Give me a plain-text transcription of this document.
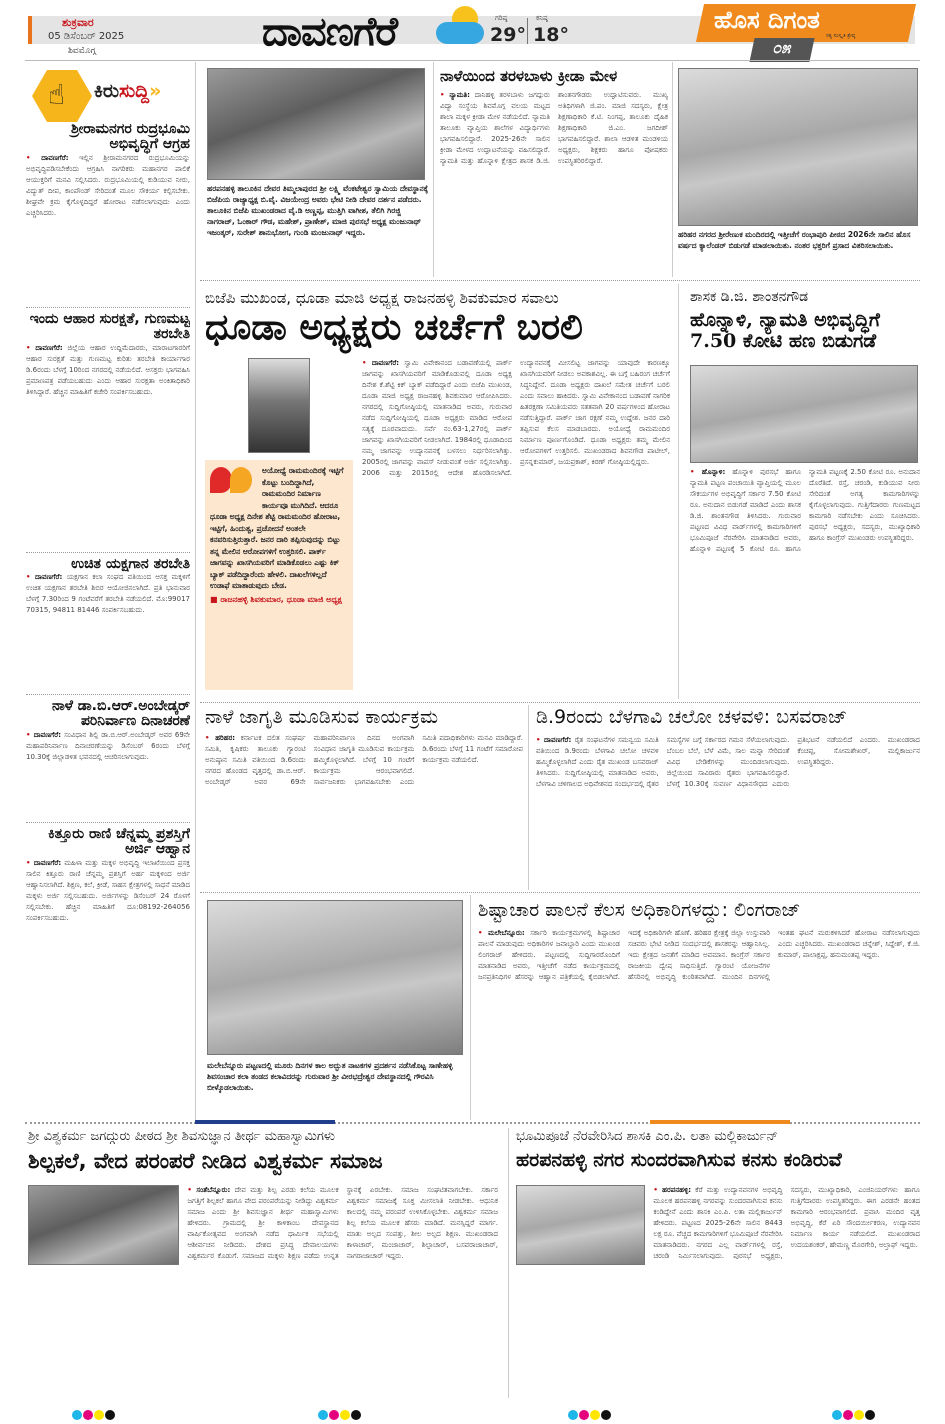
ಶುಕ್ರವಾರ
05 ಡಿಸೆಂಬರ್ 2025
ಶಿವಮೊಗ್ಗ	ದಾವಣಗೆರೆ	ಗರಿಷ್ಠ
29°
ಕನಿಷ್ಠ
18°
ಹೊಸ ದಿಗಂತ
ಸತ್ಯ ಸಂಸ್ಕೃತಿ ಶ್ರೇಷ್ಠ
೦೫
☝ ಕಿರುಸುದ್ದಿ»
ಶ್ರೀರಾಮನಗರ ರುದ್ರಭೂಮಿ ಅಭಿವೃದ್ಧಿಗೆ ಆಗ್ರಹ
• ದಾವಣಗೆರೆ: ಇಲ್ಲಿನ ಶ್ರೀರಾಮನಗರದ ರುದ್ರಭೂಮಿಯನ್ನು ಅಭಿವೃದ್ಧಿಪಡಿಸಬೇಕೆಂದು ಆಗ್ರಹಿಸಿ ನಾಗರಿಕರು ಮಹಾನಗರ ಪಾಲಿಕೆ ಆಯುಕ್ತರಿಗೆ ಮನವಿ ಸಲ್ಲಿಸಿದರು. ರುದ್ರಭೂಮಿಯಲ್ಲಿ ಕುಡಿಯುವ ನೀರು, ವಿದ್ಯುತ್ ದೀಪ, ಕಾಂಪೌಂಡ್ ಸೇರಿದಂತೆ ಮೂಲ ಸೌಕರ್ಯ ಕಲ್ಪಿಸಬೇಕು. ಶೀಘ್ರವೇ ಕ್ರಮ ಕೈಗೊಳ್ಳದಿದ್ದರೆ ಹೋರಾಟ ನಡೆಸಲಾಗುವುದು ಎಂದು ಎಚ್ಚರಿಸಿದರು.
ಇಂದು ಆಹಾರ ಸುರಕ್ಷತೆ, ಗುಣಮಟ್ಟ ತರಬೇತಿ
• ದಾವಣಗೆರೆ: ಜಿಲ್ಲೆಯ ಆಹಾರ ಉದ್ದಿಮೆದಾರರು, ಮಾರಾಟಗಾರರಿಗೆ ಆಹಾರ ಸುರಕ್ಷತೆ ಮತ್ತು ಗುಣಮಟ್ಟ ಕುರಿತು ತರಬೇತಿ ಕಾರ್ಯಾಗಾರ ಡಿ.6ರಂದು ಬೆಳಗ್ಗೆ 10ರಿಂದ ನಗರದಲ್ಲಿ ನಡೆಯಲಿದೆ. ಆಸಕ್ತರು ಭಾಗವಹಿಸಿ ಪ್ರಮಾಣಪತ್ರ ಪಡೆಯಬಹುದು ಎಂದು ಆಹಾರ ಸುರಕ್ಷತಾ ಅಂಕಿತಾಧಿಕಾರಿ ತಿಳಿಸಿದ್ದಾರೆ. ಹೆಚ್ಚಿನ ಮಾಹಿತಿಗೆ ಕಚೇರಿ ಸಂಪರ್ಕಿಸಬಹುದು.
ಉಚಿತ ಯಕ್ಷಗಾನ ತರಬೇತಿ
• ದಾವಣಗೆರೆ: ಯಕ್ಷಗಾನ ಕಲಾ ಸಂಘದ ವತಿಯಿಂದ ಆಸಕ್ತ ಮಕ್ಕಳಿಗೆ ಉಚಿತ ಯಕ್ಷಗಾನ ತರಬೇತಿ ಶಿಬಿರ ಆಯೋಜಿಸಲಾಗಿದೆ. ಪ್ರತಿ ಭಾನುವಾರ ಬೆಳಗ್ಗೆ 7.30ರಿಂದ 9 ಗಂಟೆವರೆಗೆ ತರಬೇತಿ ನಡೆಯಲಿದೆ. ಮೊ:99017 70315, 94811 81446 ಸಂಪರ್ಕಿಸಬಹುದು.
ನಾಳೆ ಡಾ.ಬಿ.ಆರ್.ಅಂಬೇಡ್ಕರ್ ಪರಿನಿರ್ವಾಣ ದಿನಾಚರಣೆ
• ದಾವಣಗೆರೆ: ಸಂವಿಧಾನ ಶಿಲ್ಪಿ ಡಾ.ಬಿ.ಆರ್.ಅಂಬೇಡ್ಕರ್ ಅವರ 69ನೇ ಮಹಾಪರಿನಿರ್ವಾಣ ದಿನಾಚರಣೆಯನ್ನು ಡಿಸೆಂಬರ್ 6ರಂದು ಬೆಳಗ್ಗೆ 10.30ಕ್ಕೆ ಜಿಲ್ಲಾಡಳಿತ ಭವನದಲ್ಲಿ ಆಚರಿಸಲಾಗುವುದು.
ಕಿತ್ತೂರು ರಾಣಿ ಚೆನ್ನಮ್ಮ ಪ್ರಶಸ್ತಿಗೆ ಅರ್ಜಿ ಆಹ್ವಾನ
• ದಾವಣಗೆರೆ: ಮಹಿಳಾ ಮತ್ತು ಮಕ್ಕಳ ಅಭಿವೃದ್ಧಿ ಇಲಾಖೆಯಿಂದ ಪ್ರಸಕ್ತ ಸಾಲಿನ ಕಿತ್ತೂರು ರಾಣಿ ಚೆನ್ನಮ್ಮ ಪ್ರಶಸ್ತಿಗೆ ಅರ್ಹ ಮಕ್ಕಳಿಂದ ಅರ್ಜಿ ಆಹ್ವಾನಿಸಲಾಗಿದೆ. ಶಿಕ್ಷಣ, ಕಲೆ, ಕ್ರೀಡೆ, ಸಾಹಸ ಕ್ಷೇತ್ರಗಳಲ್ಲಿ ಸಾಧನೆ ಮಾಡಿದ ಮಕ್ಕಳು ಅರ್ಜಿ ಸಲ್ಲಿಸಬಹುದು. ಅರ್ಜಿಗಳನ್ನು ಡಿಸೆಂಬರ್ 24 ರೊಳಗೆ ಸಲ್ಲಿಸಬೇಕು. ಹೆಚ್ಚಿನ ಮಾಹಿತಿಗೆ ದೂ:08192-264056 ಸಂಪರ್ಕಿಸಬಹುದು.
ಹರಪನಹಳ್ಳಿ ತಾಲೂಕಿನ ದೇವರ ತಿಮ್ಮಲಾಪುರದ ಶ್ರೀ ಲಕ್ಷ್ಮಿ ವೆಂಕಟೇಶ್ವರ ಸ್ವಾಮಿಯ ದೇವಸ್ಥಾನಕ್ಕೆ ಬಿಜೆಪಿಯ ರಾಜ್ಯಾಧ್ಯಕ್ಷ ಬಿ.ವೈ. ವಿಜಯೇಂದ್ರ ಅವರು ಭೇಟಿ ನೀಡಿ ದೇವರ ದರ್ಶನ ಪಡೆದರು. ತಾಲೂಕಿನ ಬಿಜೆಪಿ ಮುಖಂಡರಾದ ವೈ.ಡಿ ಅಣ್ಣಪ್ಪ, ಮುತ್ತಿಗಿ ವಾಗೀಶ, ತೆಲಿಗಿ ಗಿರಜ್ಜಿ ನಾಗರಾಜ್, ಓಂಕಾರ್ ಗೌಡ, ಮಹೇಶ್, ಪ್ರಾಣೇಶ್, ಮಾಜಿ ಪುರಸಭೆ ಅಧ್ಯಕ್ಷ ಮಂಜುನಾಥ್ ಇಜಂತ್ಕರ್, ಸುರೇಶ್ ಶಾನುಭೋಗ, ಗುಂಡಿ ಮಂಜುನಾಥ್ ಇದ್ದರು.
ನಾಳೆಯಿಂದ ತರಳಬಾಳು ಕ್ರೀಡಾ ಮೇಳ
• ನ್ಯಾಮತಿ: ದಾನಿಹಳ್ಳಿ ತರಳಬಾಳು ಜಗದ್ಗುರು ವಿದ್ಯಾ ಸಂಸ್ಥೆಯ ಶಿವಮೊಗ್ಗ ವಲಯ ಮಟ್ಟದ ಶಾಲಾ ಮಕ್ಕಳ ಕ್ರೀಡಾ ಮೇಳ ನಡೆಯಲಿದೆ. ನ್ಯಾಮತಿ ತಾಲೂಕು ವ್ಯಾಪ್ತಿಯ ಶಾಲೆಗಳ ವಿದ್ಯಾರ್ಥಿಗಳು ಭಾಗವಹಿಸಲಿದ್ದಾರೆ. 2025-26ನೇ ಸಾಲಿನ ಕ್ರೀಡಾ ಮೇಳದ ಉದ್ಘಾಟನೆಯನ್ನು ವಹಿಸಲಿದ್ದಾರೆ. ನ್ಯಾಮತಿ ಮತ್ತು ಹೊನ್ನಾಳಿ ಕ್ಷೇತ್ರದ ಶಾಸಕ ಡಿ.ಜಿ. ಶಾಂತನಗೌಡರು ಉದ್ಘಾಟಿಸುವರು. ಮುಖ್ಯ ಅತಿಥಿಗಳಾಗಿ ಜಿ.ಪಂ. ಮಾಜಿ ಸದಸ್ಯರು, ಕ್ಷೇತ್ರ ಶಿಕ್ಷಣಾಧಿಕಾರಿ ಕೆ.ಟಿ. ನಿಂಗಪ್ಪ, ತಾಲೂಕು ದೈಹಿಕ ಶಿಕ್ಷಣಾಧಿಕಾರಿ ಜಿ.ಎಂ. ಜಗದೀಶ್ ಭಾಗವಹಿಸಲಿದ್ದಾರೆ. ಶಾಲಾ ಆಡಳಿತ ಮಂಡಳಿಯ ಅಧ್ಯಕ್ಷರು, ಶಿಕ್ಷಕರು ಹಾಗೂ ಪೋಷಕರು ಉಪಸ್ಥಿತರಿರಲಿದ್ದಾರೆ.
ಹರಿಹರ ನಗರದ ಶ್ರೀರೇಣುಕ ಮಂದಿರದಲ್ಲಿ ಇತ್ತೀಚೆಗೆ ರಂಭಾಪುರಿ ಪೀಠದ 2026ನೇ ಸಾಲಿನ ಹೊಸ ವರ್ಷದ ಕ್ಯಾಲೆಂಡರ್ ಬಿಡುಗಡೆ ಮಾಡಲಾಯಿತು. ನಂತರ ಭಕ್ತರಿಗೆ ಪ್ರಸಾದ ವಿತರಿಸಲಾಯಿತು.
ಬಿಜೆಪಿ ಮುಖಂಡ, ಧೂಡಾ ಮಾಜಿ ಅಧ್ಯಕ್ಷ ರಾಜನಹಳ್ಳಿ ಶಿವಕುಮಾರ ಸವಾಲು
ಧೂಡಾ ಅಧ್ಯಕ್ಷರು ಚರ್ಚೆಗೆ ಬರಲಿ
ಅಯೋಧ್ಯೆ ರಾಮಮಂದಿರಕ್ಕೆ ಇಟ್ಟಿಗೆ ಕೊಟ್ಟು ಬಂದಿದ್ದಾಗಿದೆ, ರಾಮಮಂದಿರ ನಿರ್ಮಾಣ ಕಾರ್ಯವೂ ಮುಗಿದಿದೆ. ಆದರೂ ಧೂಡಾ ಅಧ್ಯಕ್ಷ ದಿನೇಶ ಶೆಟ್ಟಿ ರಾಮಮಂದಿರ ಹೋರಾಟ, ಇಟ್ಟಿಗೆ, ಹಿಂದುತ್ವ, ಪ್ರಚೋದನೆ ಅಂತಲೇ ಕನವರಿಸುತ್ತಿರುತ್ತಾರೆ. ಜನರ ದಾರಿ ತಪ್ಪಿಸುವುದನ್ನು ಬಿಟ್ಟು ತನ್ನ ಮೇಲಿನ ಆರೋಪಗಳಿಗೆ ಉತ್ತರಿಸಲಿ. ಪಾರ್ಕ್ ಜಾಗವನ್ನು ಖಾಸಗಿಯವರಿಗೆ ಮಾಡಿಕೊಡಲು ಎಷ್ಟು ಕಿಕ್ ಬ್ಯಾಕ್ ಪಡೆದಿದ್ದಾರೆಂದು ಹೇಳಲಿ. ದಾಖಲೆಗಳಿಲ್ಲದೆ ಉಡಾಫೆ ಮಾತಾಡುವುದು ಬೇಡ.
■ ರಾಜನಹಳ್ಳಿ ಶಿವಕುಮಾರ, ಧೂಡಾ ಮಾಜಿ ಅಧ್ಯಕ್ಷ
• ದಾವಣಗೆರೆ: ಸ್ವಾಮಿ ವಿವೇಕಾನಂದ ಬಡಾವಣೆಯಲ್ಲಿ ಪಾರ್ಕ್ ಜಾಗವನ್ನು ಖಾಸಗಿಯವರಿಗೆ ಮಾಡಿಕೊಡುವಲ್ಲಿ ದೂಡಾ ಅಧ್ಯಕ್ಷ ದಿನೇಶ ಕೆ.ಶೆಟ್ಟಿ ಕಿಕ್ ಬ್ಯಾಕ್ ಪಡೆದಿದ್ದಾರೆ ಎಂದು ಬಿಜೆಪಿ ಮುಖಂಡ, ದೂಡಾ ಮಾಜಿ ಅಧ್ಯಕ್ಷ ರಾಜನಹಳ್ಳಿ ಶಿವಕುಮಾರ ಆರೋಪಿಸಿದರು. ನಗರದಲ್ಲಿ ಸುದ್ದಿಗೋಷ್ಠಿಯಲ್ಲಿ ಮಾತನಾಡಿದ ಅವರು, ಗುರುವಾರ ನಡೆದ ಸುದ್ದಿಗೋಷ್ಠಿಯಲ್ಲಿ ದೂಡಾ ಅಧ್ಯಕ್ಷರು ಮಾಡಿದ ಆರೋಪ ಸತ್ಯಕ್ಕೆ ದೂರವಾದುದು. ಸರ್ವೆ ನಂ.63-1,27ರಲ್ಲಿ ಪಾರ್ಕ್ ಜಾಗವನ್ನು ಖಾಸಗಿಯವರಿಗೆ ನೀಡಲಾಗಿದೆ. 1984ರಲ್ಲಿ ಧೂಡಾದಿಂದ ನಮ್ಮ ಜಾಗವನ್ನು ಉದ್ಯಾನವನಕ್ಕೆ ಬಳಸಲು ನಿರ್ಧರಿಸಲಾಗಿತ್ತು. 2005ರಲ್ಲಿ ಜಾಗವನ್ನು ವಾಪಸ್ ನೀಡುವಂತೆ ಅರ್ಜಿ ಸಲ್ಲಿಸಲಾಗಿತ್ತು. 2006 ಮತ್ತು 2015ರಲ್ಲಿ ಆದೇಶ ಹೊರಡಿಸಲಾಗಿದೆ. ಉದ್ಯಾನವನಕ್ಕೆ ಮೀಸಲಿಟ್ಟ ಜಾಗವನ್ನು ಯಾವುದೇ ಕಾರಣಕ್ಕೂ ಖಾಸಗಿಯವರಿಗೆ ನೀಡಲು ಅವಕಾಶವಿಲ್ಲ. ಈ ಬಗ್ಗೆ ಬಹಿರಂಗ ಚರ್ಚೆಗೆ ಸಿದ್ಧನಿದ್ದೇನೆ. ದೂಡಾ ಅಧ್ಯಕ್ಷರು ದಾಖಲೆ ಸಮೇತ ಚರ್ಚೆಗೆ ಬರಲಿ ಎಂದು ಸವಾಲು ಹಾಕಿದರು. ಸ್ವಾಮಿ ವಿವೇಕಾನಂದ ಬಡಾವಣೆ ನಾಗರಿಕ ಹಿತರಕ್ಷಣಾ ಸಮಿತಿಯವರು ಸತತವಾಗಿ 20 ವರ್ಷಗಳಿಂದ ಹೋರಾಟ ನಡೆಸುತ್ತಿದ್ದಾರೆ. ಪಾರ್ಕ್ ಜಾಗ ರಕ್ಷಣೆ ನಮ್ಮ ಉದ್ದೇಶ. ಜನರ ದಾರಿ ತಪ್ಪಿಸುವ ಕೆಲಸ ಮಾಡಬಾರದು. ಅಯೋಧ್ಯೆ ರಾಮಮಂದಿರ ನಿರ್ಮಾಣ ಪೂರ್ಣಗೊಂಡಿದೆ. ಧೂಡಾ ಅಧ್ಯಕ್ಷರು ತಮ್ಮ ಮೇಲಿನ ಆರೋಪಗಳಿಗೆ ಉತ್ತರಿಸಲಿ. ಮುಖಂಡರಾದ ಶಿವನಗೌಡ ಪಾಟೀಲ್, ಪ್ರಸನ್ನಕುಮಾರ್, ಜಯಪ್ರಕಾಶ್, ಕಿರಣ್ ಗೋಷ್ಠಿಯಲ್ಲಿದ್ದರು.
ಶಾಸಕ ಡಿ.ಜಿ. ಶಾಂತನಗೌಡ
ಹೊನ್ನಾಳಿ, ನ್ಯಾಮತಿ ಅಭಿವೃದ್ಧಿಗೆ 7.50 ಕೋಟಿ ಹಣ ಬಿಡುಗಡೆ
• ಹೊನ್ನಾಳಿ: ಹೊನ್ನಾಳಿ ಪುರಸಭೆ ಹಾಗೂ ನ್ಯಾಮತಿ ಪಟ್ಟಣ ಪಂಚಾಯಿತಿ ವ್ಯಾಪ್ತಿಯಲ್ಲಿ ಮೂಲ ಸೌಕರ್ಯಗಳ ಅಭಿವೃದ್ಧಿಗೆ ಸರ್ಕಾರ 7.50 ಕೋಟಿ ರೂ. ಅನುದಾನ ಬಿಡುಗಡೆ ಮಾಡಿದೆ ಎಂದು ಶಾಸಕ ಡಿ.ಜಿ. ಶಾಂತನಗೌಡ ತಿಳಿಸಿದರು. ಗುರುವಾರ ಪಟ್ಟಣದ ವಿವಿಧ ವಾರ್ಡ್‌ಗಳಲ್ಲಿ ಕಾಮಗಾರಿಗಳಿಗೆ ಭೂಮಿಪೂಜೆ ನೆರವೇರಿಸಿ ಮಾತನಾಡಿದ ಅವರು, ಹೊನ್ನಾಳಿ ಪಟ್ಟಣಕ್ಕೆ 5 ಕೋಟಿ ರೂ. ಹಾಗೂ ನ್ಯಾಮತಿ ಪಟ್ಟಣಕ್ಕೆ 2.50 ಕೋಟಿ ರೂ. ಅನುದಾನ ದೊರೆತಿದೆ. ರಸ್ತೆ, ಚರಂಡಿ, ಕುಡಿಯುವ ನೀರು ಸೇರಿದಂತೆ ಅಗತ್ಯ ಕಾಮಗಾರಿಗಳನ್ನು ಕೈಗೊಳ್ಳಲಾಗುವುದು. ಗುತ್ತಿಗೆದಾರರು ಗುಣಮಟ್ಟದ ಕಾಮಗಾರಿ ನಡೆಸಬೇಕು ಎಂದು ಸೂಚಿಸಿದರು. ಪುರಸಭೆ ಅಧ್ಯಕ್ಷರು, ಸದಸ್ಯರು, ಮುಖ್ಯಾಧಿಕಾರಿ ಹಾಗೂ ಕಾಂಗ್ರೆಸ್ ಮುಖಂಡರು ಉಪಸ್ಥಿತರಿದ್ದರು.
ನಾಳೆ ಜಾಗೃತಿ ಮೂಡಿಸುವ ಕಾರ್ಯಕ್ರಮ
• ಹರಿಹರ: ಕರ್ನಾಟಕ ದಲಿತ ಸಂಘರ್ಷ ಸಮಿತಿ, ಕೃಷಿಕರು ತಾಲೂಕು ಗ್ಯಾರಂಟಿ ಅನುಷ್ಠಾನ ಸಮಿತಿ ವತಿಯಿಂದ ಡಿ.6ರಂದು ನಗರದ ಹೊಂಡದ ವೃತ್ತದಲ್ಲಿ ಡಾ.ಬಿ.ಆರ್. ಅಂಬೇಡ್ಕರ್ ಅವರ 69ನೇ ಮಹಾಪರಿನಿರ್ವಾಣ ದಿನದ ಅಂಗವಾಗಿ ಸಂವಿಧಾನ ಜಾಗೃತಿ ಮೂಡಿಸುವ ಕಾರ್ಯಕ್ರಮ ಹಮ್ಮಿಕೊಳ್ಳಲಾಗಿದೆ. ಬೆಳಗ್ಗೆ 10 ಗಂಟೆಗೆ ಕಾರ್ಯಕ್ರಮ ಆರಂಭವಾಗಲಿದೆ. ಸಾರ್ವಜನಿಕರು ಭಾಗವಹಿಸಬೇಕು ಎಂದು ಸಮಿತಿ ಪದಾಧಿಕಾರಿಗಳು ಮನವಿ ಮಾಡಿದ್ದಾರೆ. ಡಿ.6ರಂದು ಬೆಳಗ್ಗೆ 11 ಗಂಟೆಗೆ ಸಮಾರೋಪ ಕಾರ್ಯಕ್ರಮ ನಡೆಯಲಿದೆ.
ಡಿ.9ರಂದು ಬೆಳಗಾವಿ ಚಲೋ ಚಳವಳಿ: ಬಸವರಾಜ್
• ದಾವಣಗೆರೆ: ರೈತ ಸಂಘಟನೆಗಳ ಸಮನ್ವಯ ಸಮಿತಿ ವತಿಯಿಂದ ಡಿ.9ರಂದು ಬೆಳಗಾವಿ ಚಲೋ ಚಳವಳಿ ಹಮ್ಮಿಕೊಳ್ಳಲಾಗಿದೆ ಎಂದು ರೈತ ಮುಖಂಡ ಬಸವರಾಜ್ ತಿಳಿಸಿದರು. ಸುದ್ದಿಗೋಷ್ಠಿಯಲ್ಲಿ ಮಾತನಾಡಿದ ಅವರು, ಬೆಳಗಾವಿ ಚಳಿಗಾಲದ ಅಧಿವೇಶನದ ಸಂದರ್ಭದಲ್ಲಿ ರೈತರ ಸಮಸ್ಯೆಗಳ ಬಗ್ಗೆ ಸರ್ಕಾರದ ಗಮನ ಸೆಳೆಯಲಾಗುವುದು. ಬೆಂಬಲ ಬೆಲೆ, ಬೆಳೆ ವಿಮೆ, ಸಾಲ ಮನ್ನಾ ಸೇರಿದಂತೆ ವಿವಿಧ ಬೇಡಿಕೆಗಳನ್ನು ಮುಂದಿಡಲಾಗುವುದು. ಜಿಲ್ಲೆಯಿಂದ ಸಾವಿರಾರು ರೈತರು ಭಾಗವಹಿಸಲಿದ್ದಾರೆ. ಬೆಳಗ್ಗೆ 10.30ಕ್ಕೆ ಸುವರ್ಣ ವಿಧಾನಸೌಧದ ಎದುರು ಪ್ರತಿಭಟನೆ ನಡೆಯಲಿದೆ ಎಂದರು. ಮುಖಂಡರಾದ ಕೆಂಚಪ್ಪ, ಸೋಮಶೇಖರ್, ಮಲ್ಲಿಕಾರ್ಜುನ ಉಪಸ್ಥಿತರಿದ್ದರು.
ಮಲೇಬೆನ್ನೂರು ಪಟ್ಟಣದಲ್ಲಿ ಮೂರು ದಿನಗಳ ಕಾಲ ಅದ್ಭುತ ನಾಟಕಗಳ ಪ್ರದರ್ಶನ ನಡೆಸಿಕೊಟ್ಟ ಸಾಣೇಹಳ್ಳಿ ಶಿವಸಂಚಾರ ಕಲಾ ತಂಡದ ಕಲಾವಿದರನ್ನು ಗುರುವಾರ ಶ್ರೀ ವೀರಭದ್ರೇಶ್ವರ ದೇವಸ್ಥಾನದಲ್ಲಿ ಗೌರವಿಸಿ ಬೀಳ್ಕೊಡಲಾಯಿತು.
ಶಿಷ್ಟಾಚಾರ ಪಾಲನೆ ಕೆಲಸ ಅಧಿಕಾರಿಗಳದ್ದು: ಲಿಂಗರಾಜ್
• ಮಲೇಬೆನ್ನೂರು: ಸರ್ಕಾರಿ ಕಾರ್ಯಕ್ರಮಗಳಲ್ಲಿ ಶಿಷ್ಟಾಚಾರ ಪಾಲನೆ ಮಾಡುವುದು ಅಧಿಕಾರಿಗಳ ಜವಾಬ್ದಾರಿ ಎಂದು ಮುಖಂಡ ಲಿಂಗರಾಜ್ ಹೇಳಿದರು. ಪಟ್ಟಣದಲ್ಲಿ ಸುದ್ದಿಗಾರರೊಂದಿಗೆ ಮಾತನಾಡಿದ ಅವರು, ಇತ್ತೀಚೆಗೆ ನಡೆದ ಕಾರ್ಯಕ್ರಮದಲ್ಲಿ ಜನಪ್ರತಿನಿಧಿಗಳ ಹೆಸರನ್ನು ಆಹ್ವಾನ ಪತ್ರಿಕೆಯಲ್ಲಿ ಕೈಬಿಡಲಾಗಿದೆ. ಇದಕ್ಕೆ ಅಧಿಕಾರಿಗಳೇ ಹೊಣೆ. ಹರಿಹರ ಕ್ಷೇತ್ರಕ್ಕೆ ಜಿಲ್ಲಾ ಉಸ್ತುವಾರಿ ಸಚಿವರು ಭೇಟಿ ನೀಡಿದ ಸಂದರ್ಭದಲ್ಲಿ ಶಾಸಕರನ್ನು ಆಹ್ವಾನಿಸಿಲ್ಲ. ಇದು ಕ್ಷೇತ್ರದ ಜನತೆಗೆ ಮಾಡಿದ ಅವಮಾನ. ಕಾಂಗ್ರೆಸ್ ಸರ್ಕಾರ ರಾಜಕೀಯ ದ್ವೇಷ ಸಾಧಿಸುತ್ತಿದೆ. ಗ್ಯಾರಂಟಿ ಯೋಜನೆಗಳ ಹೆಸರಿನಲ್ಲಿ ಅಭಿವೃದ್ಧಿ ಕುಂಠಿತವಾಗಿದೆ. ಮುಂದಿನ ದಿನಗಳಲ್ಲಿ ಇಂತಹ ಘಟನೆ ಮರುಕಳಿಸಿದರೆ ಹೋರಾಟ ನಡೆಸಲಾಗುವುದು ಎಂದು ಎಚ್ಚರಿಸಿದರು. ಮುಖಂಡರಾದ ಚನ್ನೇಶ್, ಸಿದ್ದೇಶ್, ಕೆ.ಜಿ. ಕುಮಾರ್, ಪಾಲಾಕ್ಷಪ್ಪ, ಹನುಮಂತಪ್ಪ ಇದ್ದರು.
ಶ್ರೀ ವಿಶ್ವಕರ್ಮ ಜಗದ್ಗುರು ಪೀಠದ ಶ್ರೀ ಶಿವಸುಜ್ಞಾನ ತೀರ್ಥ ಮಹಾಸ್ವಾಮಿಗಳು
ಶಿಲ್ಪಕಲೆ, ವೇದ ಪರಂಪರೆ ನೀಡಿದ ವಿಶ್ವಕರ್ಮ ಸಮಾಜ
• ಸಂತೆಬೆನ್ನೂರು: ದೇವ ಮತ್ತು ಶಿಲ್ಪ ಎರಡು ಕಲೆಯ ಮೂಲಕ ಜಗತ್ತಿಗೆ ಶಿಲ್ಪಕಲೆ ಹಾಗೂ ವೇದ ಪರಂಪರೆಯನ್ನು ನೀಡಿದ್ದು ವಿಶ್ವಕರ್ಮ ಸಮಾಜ ಎಂದು ಶ್ರೀ ಶಿವಸುಜ್ಞಾನ ತೀರ್ಥ ಮಹಾಸ್ವಾಮಿಗಳು ಹೇಳಿದರು. ಗ್ರಾಮದಲ್ಲಿ ಶ್ರೀ ಕಾಳಿಕಾಂಬ ದೇವಸ್ಥಾನದ ವಾರ್ಷಿಕೋತ್ಸವದ ಅಂಗವಾಗಿ ನಡೆದ ಧಾರ್ಮಿಕ ಸಭೆಯಲ್ಲಿ ಆಶೀರ್ವಚನ ನೀಡಿದರು. ದೇಶದ ಪ್ರಸಿದ್ಧ ದೇವಾಲಯಗಳು ವಿಶ್ವಕರ್ಮರ ಕೊಡುಗೆ. ಸಮಾಜದ ಮಕ್ಕಳು ಶಿಕ್ಷಣ ಪಡೆದು ಉನ್ನತ ಸ್ಥಾನಕ್ಕೆ ಏರಬೇಕು. ಸಮಾಜ ಸಂಘಟಿತವಾಗಬೇಕು. ಸರ್ಕಾರ ವಿಶ್ವಕರ್ಮ ಸಮಾಜಕ್ಕೆ ಸೂಕ್ತ ಮೀಸಲಾತಿ ನೀಡಬೇಕು. ಆಧುನಿಕ ಕಾಲದಲ್ಲಿ ನಮ್ಮ ಪರಂಪರೆ ಉಳಿಸಿಕೊಳ್ಳಬೇಕು. ವಿಶ್ವಕರ್ಮ ಸಮಾಜ ಶಿಲ್ಪ ಕಲೆಯ ಮೂಲಕ ಹೆಸರು ಮಾಡಿದೆ. ಮನಸ್ಸಿದ್ದರೆ ಮಾರ್ಗ. ಮಾತು ಅಲ್ಪದ ಸಂಪತ್ತು, ಶೀಲ ಅಲ್ಪದ ಶಿಕ್ಷಣ. ಮುಖಂಡರಾದ ಕಾಳಾಚಾರ್, ಮಂಜಾಚಾರ್, ಶಿಲ್ಪಾಚಾರ್, ಬಸವರಾಜಾಚಾರ್, ನಾಗರಾಜಾಚಾರ್ ಇದ್ದರು.
ಭೂಮಿಪೂಜೆ ನೆರವೇರಿಸಿದ ಶಾಸಕಿ ಎಂ.ಪಿ. ಲತಾ ಮಲ್ಲಿಕಾರ್ಜುನ್
ಹರಪನಹಳ್ಳಿ ನಗರ ಸುಂದರವಾಗಿಸುವ ಕನಸು ಕಂಡಿರುವೆ
• ಹರಪನಹಳ್ಳಿ: ಕೆರೆ ಮತ್ತು ಉದ್ಯಾನವನಗಳ ಅಭಿವೃದ್ಧಿ ಮೂಲಕ ಹರಪನಹಳ್ಳಿ ನಗರವನ್ನು ಸುಂದರವಾಗಿಸುವ ಕನಸು ಕಂಡಿದ್ದೇನೆ ಎಂದು ಶಾಸಕಿ ಎಂ.ಪಿ. ಲತಾ ಮಲ್ಲಿಕಾರ್ಜುನ್ ಹೇಳಿದರು. ಪಟ್ಟಣದ 2025-26ನೇ ಸಾಲಿನ 8443 ಲಕ್ಷ ರೂ. ವೆಚ್ಚದ ಕಾಮಗಾರಿಗಳಿಗೆ ಭೂಮಿಪೂಜೆ ನೆರವೇರಿಸಿ ಮಾತನಾಡಿದರು. ನಗರದ ಎಲ್ಲ ವಾರ್ಡ್‌ಗಳಲ್ಲಿ ರಸ್ತೆ, ಚರಂಡಿ ನಿರ್ಮಿಸಲಾಗುವುದು. ಪುರಸಭೆ ಅಧ್ಯಕ್ಷರು, ಸದಸ್ಯರು, ಮುಖ್ಯಾಧಿಕಾರಿ, ಎಂಜಿನಿಯರ್‌ಗಳು ಹಾಗೂ ಗುತ್ತಿಗೆದಾರರು ಉಪಸ್ಥಿತರಿದ್ದರು. ಈಗ ಎರಡನೇ ಹಂತದ ಕಾಮಗಾರಿ ಆರಂಭವಾಗಲಿದೆ. ಪ್ರವಾಸಿ ಮಂದಿರ ವೃತ್ತ ಅಭಿವೃದ್ಧಿ, ಕೆರೆ ಏರಿ ಸೌಂದರ್ಯೀಕರಣ, ಉದ್ಯಾನವನ ನಿರ್ಮಾಣ ಕಾರ್ಯ ನಡೆಯಲಿದೆ. ಮುಖಂಡರಾದ ಉದಯಶಂಕರ್, ಹೇಮಣ್ಣ ಮೊರಗೇರಿ, ಅಲ್ತಾಫ್ ಇದ್ದರು.
